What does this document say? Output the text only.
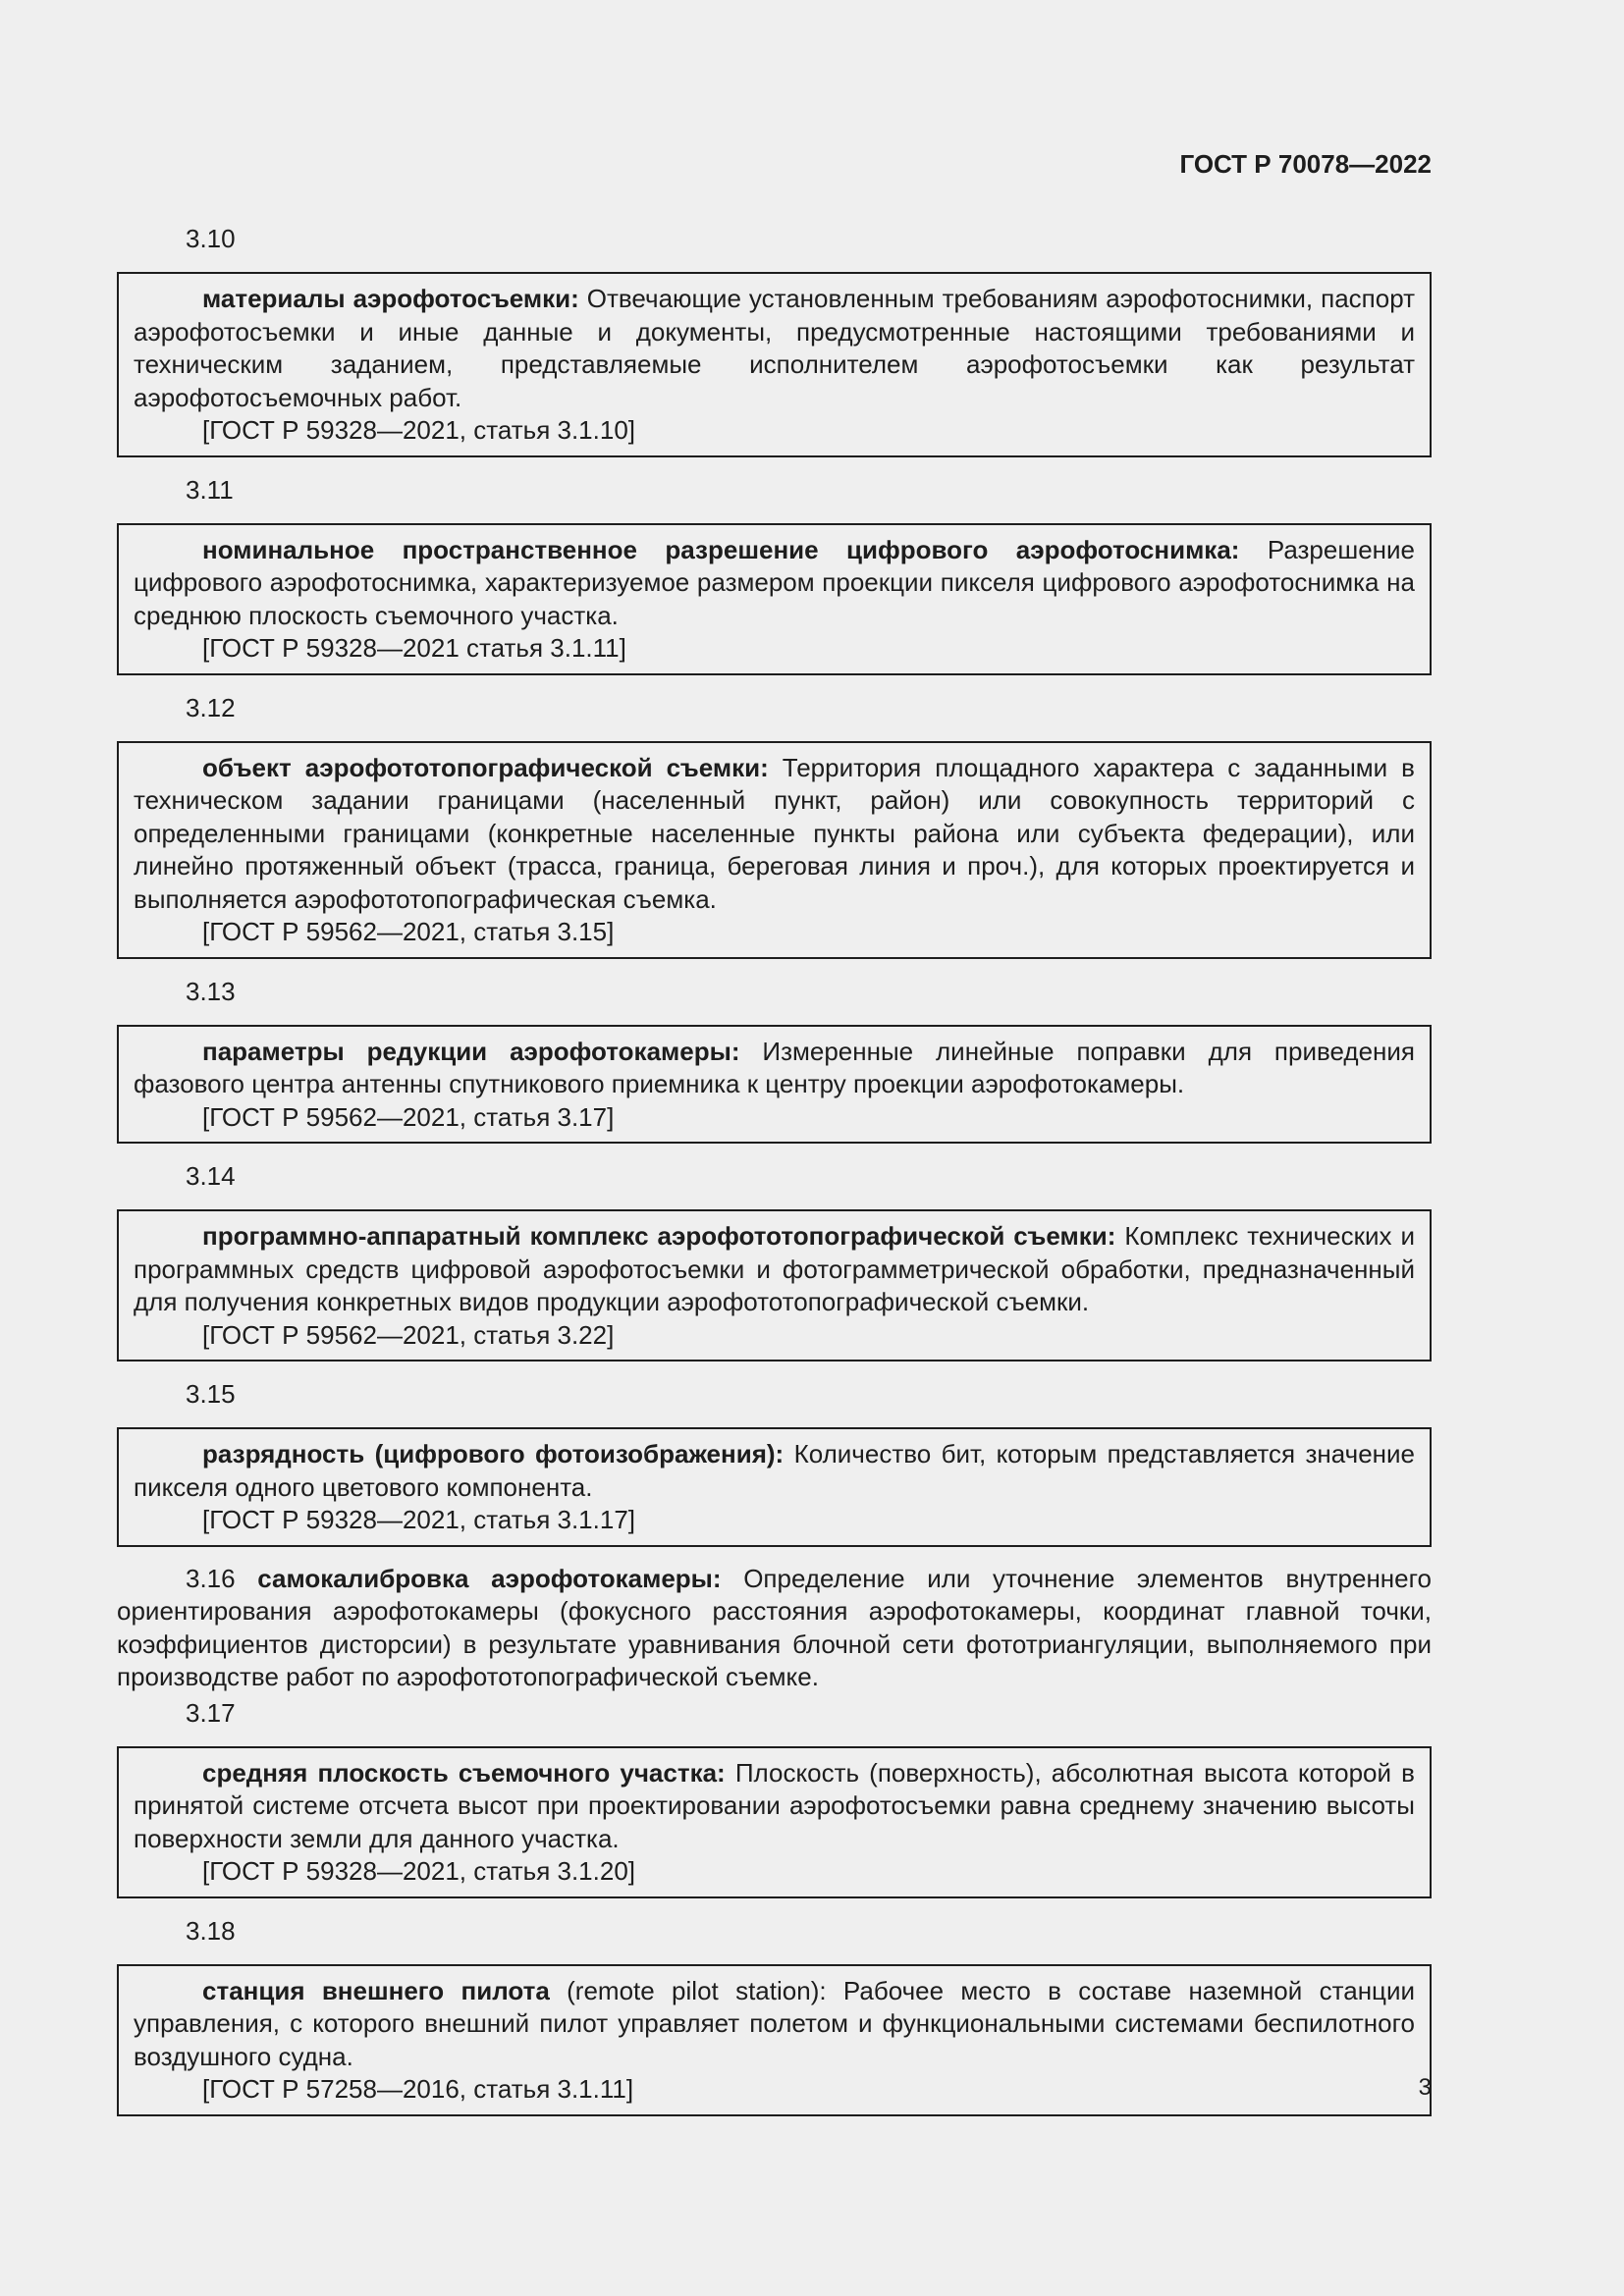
ГОСТ Р 70078—2022
3.10

материалы аэрофотосъемки: Отвечающие установленным требованиям аэрофотоснимки, паспорт аэрофотосъемки и иные данные и документы, предусмотренные настоящими требованиями и техническим заданием, представляемые исполнителем аэрофотосъемки как результат аэрофотосъемочных работ.

[ГОСТ Р 59328—2021, статья 3.1.10]

3.11

номинальное пространственное разрешение цифрового аэрофотоснимка: Разрешение цифрового аэрофотоснимка, характеризуемое размером проекции пикселя цифрового аэрофотоснимка на среднюю плоскость съемочного участка.

[ГОСТ Р 59328—2021 статья 3.1.11]

3.12

объект аэрофототопографической съемки: Территория площадного характера с заданными в техническом задании границами (населенный пункт, район) или совокупность территорий с определенными границами (конкретные населенные пункты района или субъекта федерации), или линейно протяженный объект (трасса, граница, береговая линия и проч.), для которых проектируется и выполняется аэрофототопографическая съемка.

[ГОСТ Р 59562—2021, статья 3.15]

3.13

параметры редукции аэрофотокамеры: Измеренные линейные поправки для приведения фазового центра антенны спутникового приемника к центру проекции аэрофотокамеры.

[ГОСТ Р 59562—2021, статья 3.17]

3.14

программно-аппаратный комплекс аэрофототопографической съемки: Комплекс технических и программных средств цифровой аэрофотосъемки и фотограмметрической обработки, предназначенный для получения конкретных видов продукции аэрофототопографической съемки.

[ГОСТ Р 59562—2021, статья 3.22]

3.15

разрядность (цифрового фотоизображения): Количество бит, которым представляется значение пикселя одного цветового компонента.

[ГОСТ Р 59328—2021, статья 3.1.17]

3.16 самокалибровка аэрофотокамеры: Определение или уточнение элементов внутреннего ориентирования аэрофотокамеры (фокусного расстояния аэрофотокамеры, координат главной точки, коэффициентов дисторсии) в результате уравнивания блочной сети фототриангуляции, выполняемого при производстве работ по аэрофототопографической съемке.

3.17

средняя плоскость съемочного участка: Плоскость (поверхность), абсолютная высота которой в принятой системе отсчета высот при проектировании аэрофотосъемки равна среднему значению высоты поверхности земли для данного участка.

[ГОСТ Р 59328—2021, статья 3.1.20]

3.18

станция внешнего пилота (remote pilot station): Рабочее место в составе наземной станции управления, с которого внешний пилот управляет полетом и функциональными системами беспилотного воздушного судна.

[ГОСТ Р 57258—2016, статья 3.1.11]	3
